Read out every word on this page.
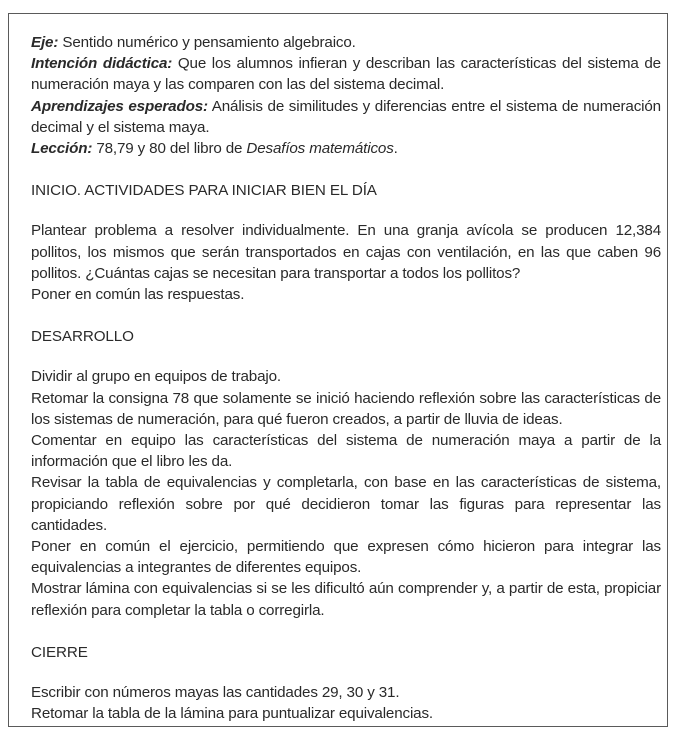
Eje: Sentido numérico y pensamiento algebraico.

Intención didáctica: Que los alumnos infieran y describan las características del sistema de numeración maya y las comparen con las del sistema decimal.

Aprendizajes esperados: Análisis de similitudes y diferencias entre el sistema de numeración decimal y el sistema maya.

Lección: 78,79 y 80 del libro de Desafíos matemáticos.

INICIO. ACTIVIDADES PARA INICIAR BIEN EL DÍA

Plantear problema a resolver individualmente. En una granja avícola se producen 12,384 pollitos, los mismos que serán transportados en cajas con ventilación, en las que caben 96 pollitos. ¿Cuántas cajas se necesitan para transportar a todos los pollitos?

Poner en común las respuestas.

DESARROLLO

Dividir al grupo en equipos de trabajo.

Retomar la consigna 78 que solamente se inició haciendo reflexión sobre las características de los sistemas de numeración, para qué fueron creados, a partir de lluvia de ideas.

Comentar en equipo las características del sistema de numeración maya a partir de la información que el libro les da.

Revisar la tabla de equivalencias y completarla, con base en las características de sistema, propiciando reflexión sobre por qué decidieron tomar las figuras para representar las cantidades.

Poner en común el ejercicio, permitiendo que expresen cómo hicieron para integrar las equivalencias a integrantes de diferentes equipos.

Mostrar lámina con equivalencias si se les dificultó aún comprender y, a partir de esta, propiciar reflexión para completar la tabla o corregirla.

CIERRE

Escribir con números mayas las cantidades 29, 30 y 31.

Retomar la tabla de la lámina para puntualizar equivalencias.
